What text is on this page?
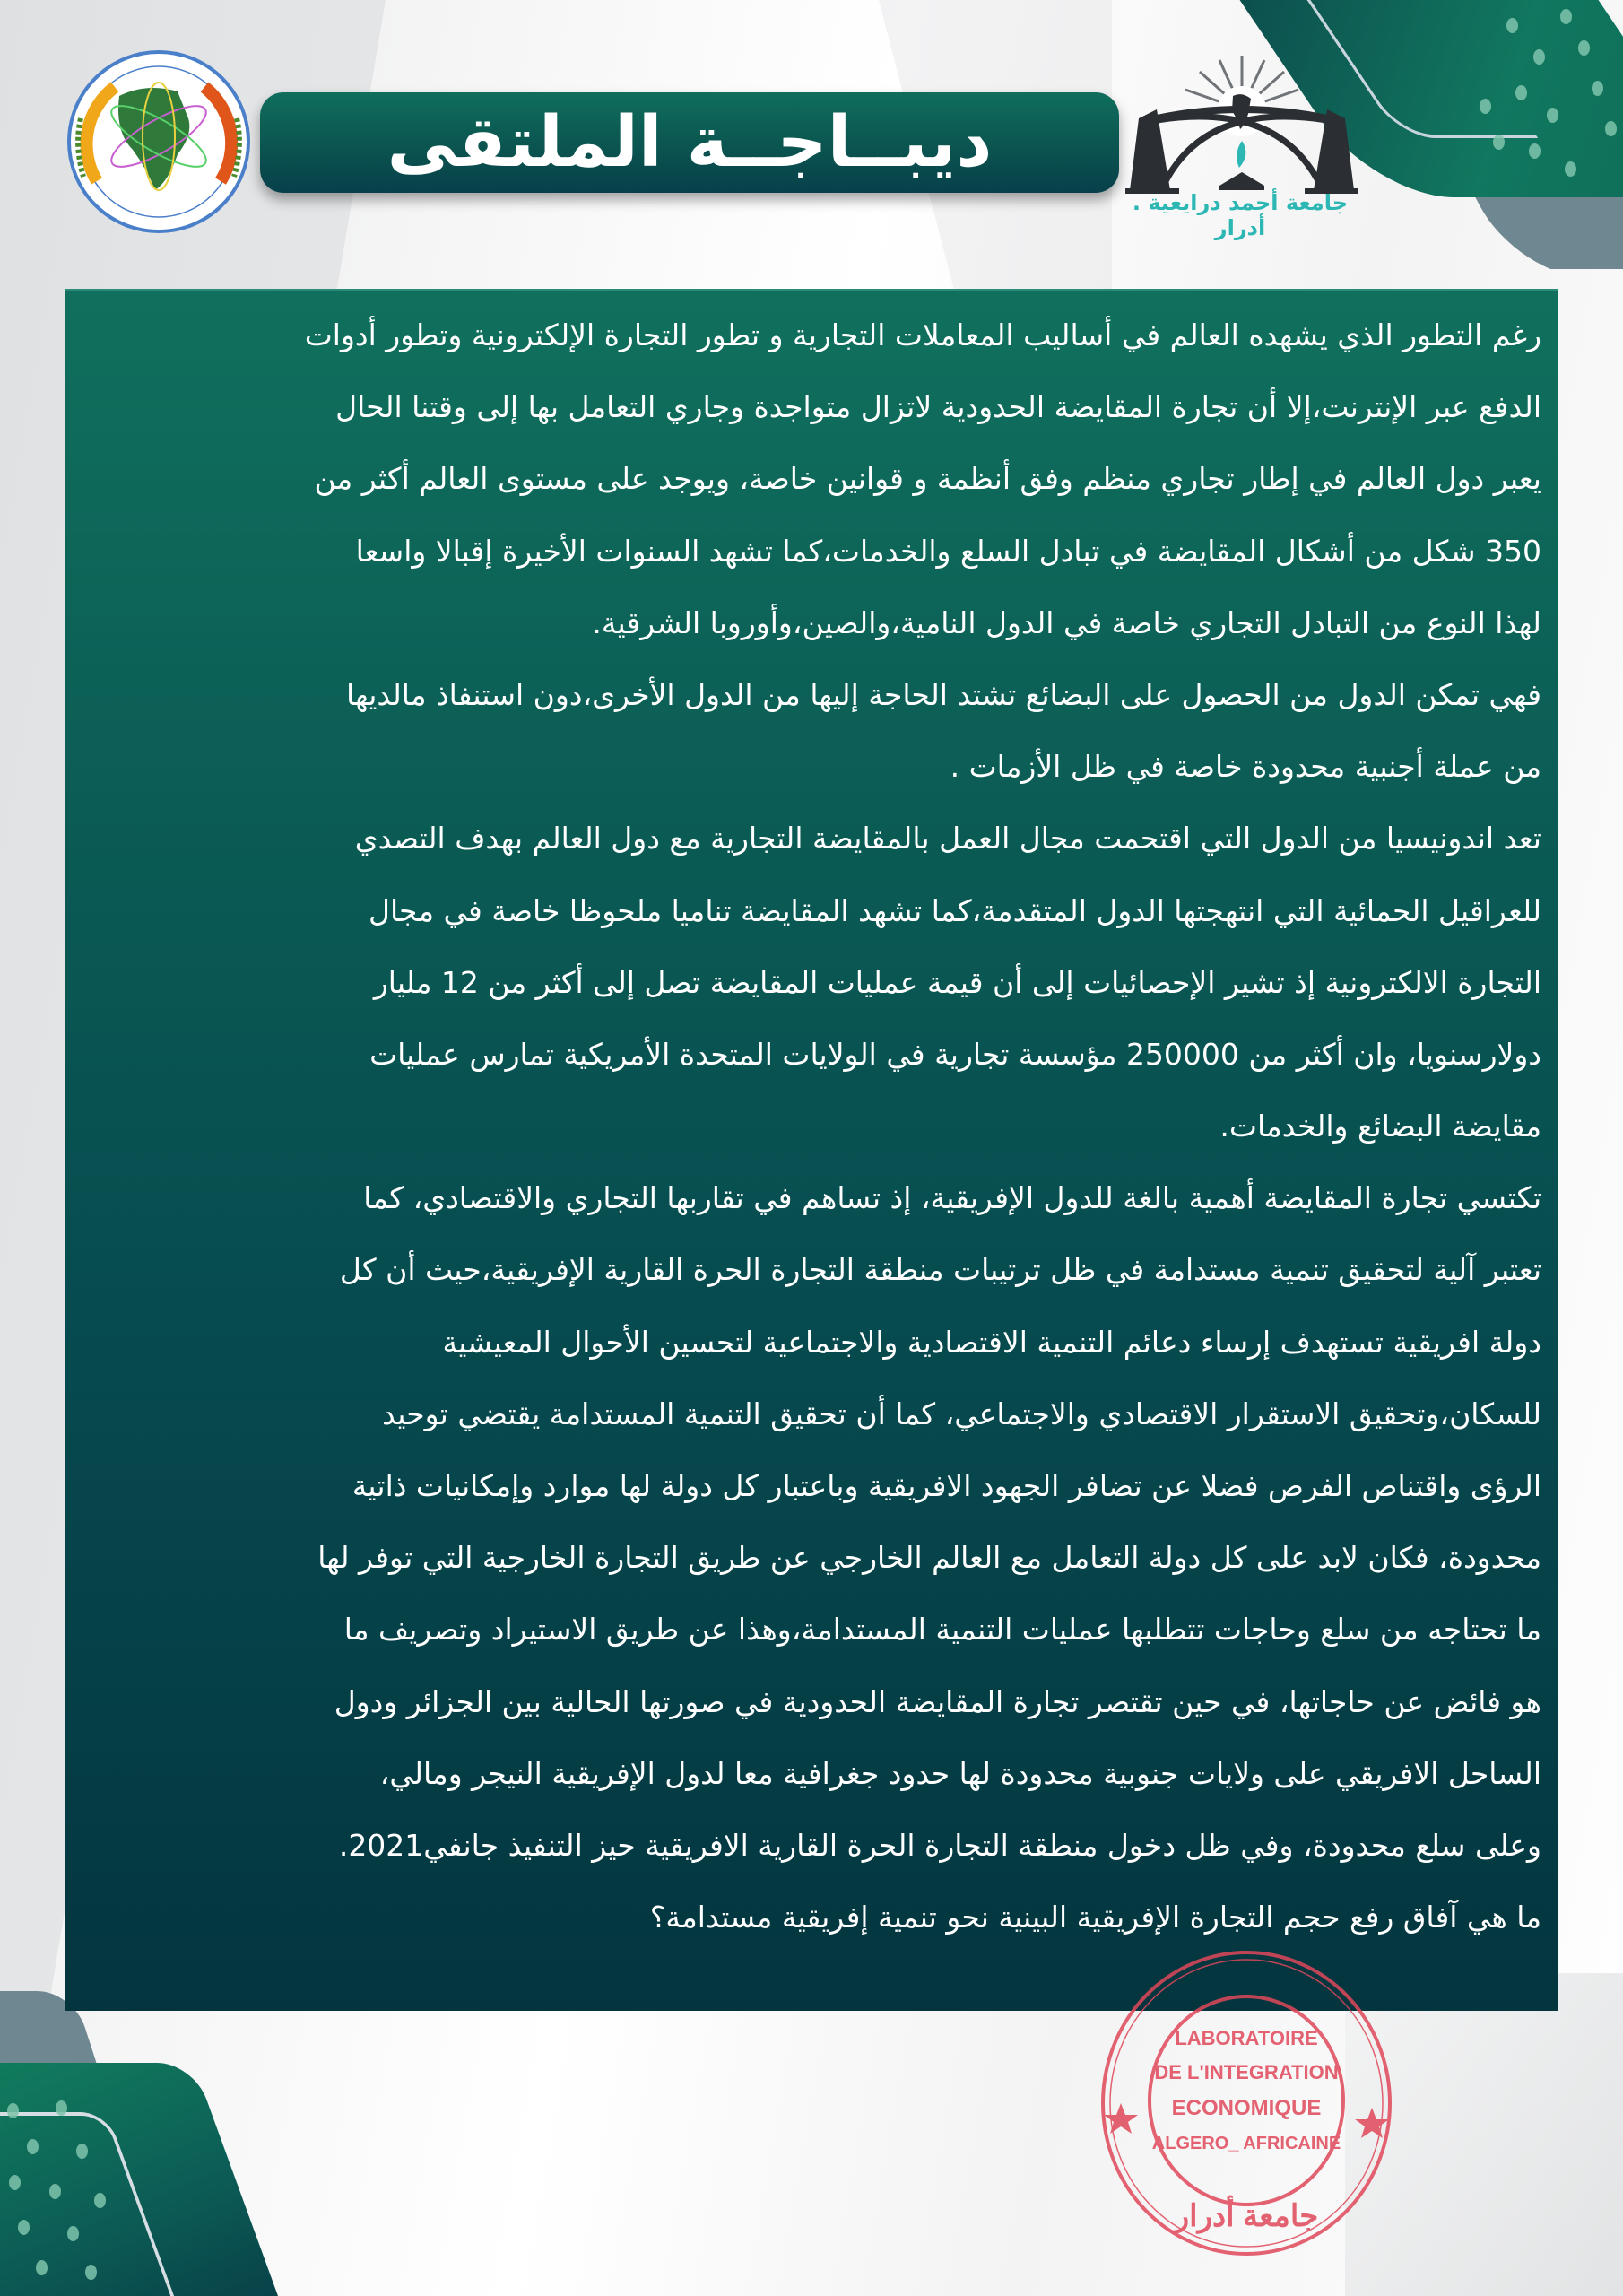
ديبــاجــة الملتقى
جامعة أحمد درايعية . أدرار
رغم التطور الذي يشهده العالم في أساليب المعاملات التجارية و تطور التجارة الإلكترونية وتطور أدوات
الدفع عبر الإنترنت،إلا أن تجارة المقايضة الحدودية لاتزال متواجدة وجاري التعامل بها إلى وقتنا الحال
يعبر دول العالم في إطار تجاري منظم وفق أنظمة و قوانين خاصة، ويوجد على مستوى العالم أكثر من
350 شكل من أشكال المقايضة في تبادل السلع والخدمات،كما تشهد السنوات الأخيرة إقبالا واسعا
لهذا النوع من التبادل التجاري خاصة في الدول النامية،والصين،وأوروبا الشرقية.
فهي تمكن الدول من الحصول على البضائع تشتد الحاجة إليها من الدول الأخرى،دون استنفاذ مالديها
من عملة أجنبية محدودة خاصة في ظل الأزمات .
تعد اندونيسيا من الدول التي اقتحمت مجال العمل بالمقايضة التجارية مع دول العالم بهدف التصدي
للعراقيل الحمائية التي انتهجتها الدول المتقدمة،كما تشهد المقايضة تناميا ملحوظا خاصة في مجال
التجارة الالكترونية إذ تشير الإحصائيات إلى أن قيمة عمليات المقايضة تصل إلى أكثر من 12 مليار
دولارسنويا، وان أكثر من 250000 مؤسسة تجارية في الولايات المتحدة الأمريكية تمارس عمليات
مقايضة البضائع والخدمات.
تكتسي تجارة المقايضة أهمية بالغة للدول الإفريقية، إذ تساهم في تقاربها التجاري والاقتصادي، كما
تعتبر آلية لتحقيق تنمية مستدامة في ظل ترتيبات منطقة التجارة الحرة القارية الإفريقية،حيث أن كل
دولة افريقية تستهدف إرساء دعائم التنمية الاقتصادية والاجتماعية لتحسين الأحوال المعيشية
للسكان،وتحقيق الاستقرار الاقتصادي والاجتماعي، كما أن تحقيق التنمية المستدامة يقتضي توحيد
الرؤى واقتناص الفرص فضلا عن تضافر الجهود الافريقية وباعتبار كل دولة لها موارد وإمكانيات ذاتية
محدودة، فكان لابد على كل دولة التعامل مع العالم الخارجي عن طريق التجارة الخارجية التي توفر لها
ما تحتاجه من سلع وحاجات تتطلبها عمليات التنمية المستدامة،وهذا عن طريق الاستيراد وتصريف ما
هو فائض عن حاجاتها، في حين تقتصر تجارة المقايضة الحدودية في صورتها الحالية بين الجزائر ودول
الساحل الافريقي على ولايات جنوبية محدودة لها حدود جغرافية معا لدول الإفريقية النيجر ومالي،
وعلى سلع محدودة، وفي ظل دخول منطقة التجارة الحرة القارية الافريقية حيز التنفيذ جانفي2021.
ما هي آفاق رفع حجم التجارة الإفريقية البينية نحو تنمية إفريقية مستدامة؟
LABORATOIRE
DE L'INTEGRATION
ECONOMIQUE
ALGERO_ AFRICAINE
جامعة أدرار
